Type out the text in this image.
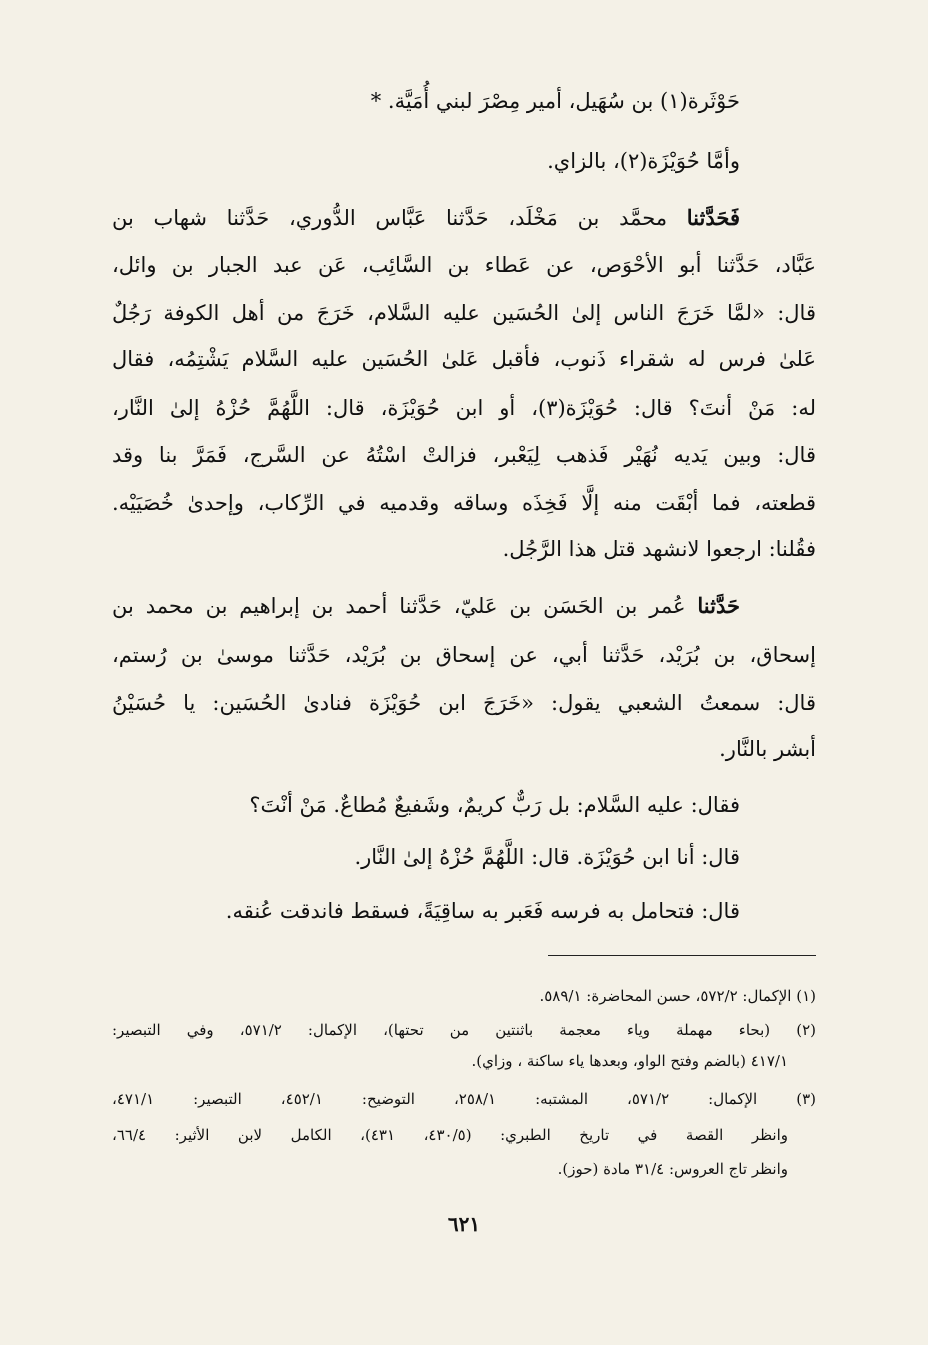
حَوْثَرة(١) بن سُهَيل، أمير مِصْرَ لبني أُمَيَّة. *
وأمَّا حُوَيْزَة(٢)، بالزاي.
فَحَدَّثنا محمَّد بن مَخْلَد، حَدَّثنا عَبَّاس الدُّوري، حَدَّثنا شهاب بن
عَبَّاد، حَدَّثنا أبو الأحْوَص، عن عَطاء بن السَّائِب، عَن عبد الجبار بن وائل،
قال: «لمَّا خَرَجَ الناس إلىٰ الحُسَين عليه السَّلام، خَرَجَ من أهل الكوفة رَجُلٌ
عَلىٰ فرس له شقراء ذَنوب، فأقبل عَلىٰ الحُسَين عليه السَّلام يَشْتِمُه، فقال
له: مَنْ أنتَ؟ قال: حُوَيْزَة(٣)، أو ابن حُوَيْزَة، قال: اللَّهُمَّ حُزْهُ إلىٰ النَّار،
قال: وبين يَديه نُهَيْر فَذهب لِيَعْبر، فزالتْ اسْتُهُ عن السَّرج، فَمَرَّ بنا وقد
قطعته، فما أبْقَت منه إلَّا فَخِذَه وساقه وقدميه في الرِّكاب، وإحدىٰ خُصَيَيْه.
فقُلنا: ارجعوا لانشهد قتل هذا الرَّجُل.
حَدَّثنا عُمر بن الحَسَن بن عَليّ، حَدَّثنا أحمد بن إبراهيم بن محمد بن
إسحاق، بن بُرَيْد، حَدَّثنا أبي، عن إسحاق بن بُرَيْد، حَدَّثنا موسىٰ بن رُستم،
قال: سمعتُ الشعبي يقول: «خَرَجَ ابن حُوَيْزَة فنادىٰ الحُسَين: يا حُسَيْنُ
أبشر بالنَّار.
فقال: عليه السَّلام: بل رَبٌّ كريمٌ، وشَفيعٌ مُطاعٌ. مَنْ أنْتَ؟
قال: أنا ابن حُوَيْزَة. قال: اللَّهُمَّ حُزْهُ إلىٰ النَّار.
قال: فتحامل به فرسه فَعَبر به ساقِيَةً، فسقط فاندقت عُنقه.
(١) الإكمال: ٥٧٢/٢، حسن المحاضرة: ٥٨٩/١.
(٢) (بحاء مهملة وياء معجمة باثنتين من تحتها)، الإكمال: ٥٧١/٢، وفي التبصير:
٤١٧/١ (بالضم وفتح الواو، وبعدها ياء ساكنة ، وزاي).
(٣) الإكمال: ٥٧١/٢، المشتبه: ٢٥٨/١، التوضيح: ٤٥٢/١، التبصير: ٤٧١/١،
وانظر القصة في تاريخ الطبري: (٤٣٠/٥، ٤٣١)، الكامل لابن الأثير: ٦٦/٤،
وانظر تاج العروس: ٣١/٤ مادة (حوز).
٦٢١
